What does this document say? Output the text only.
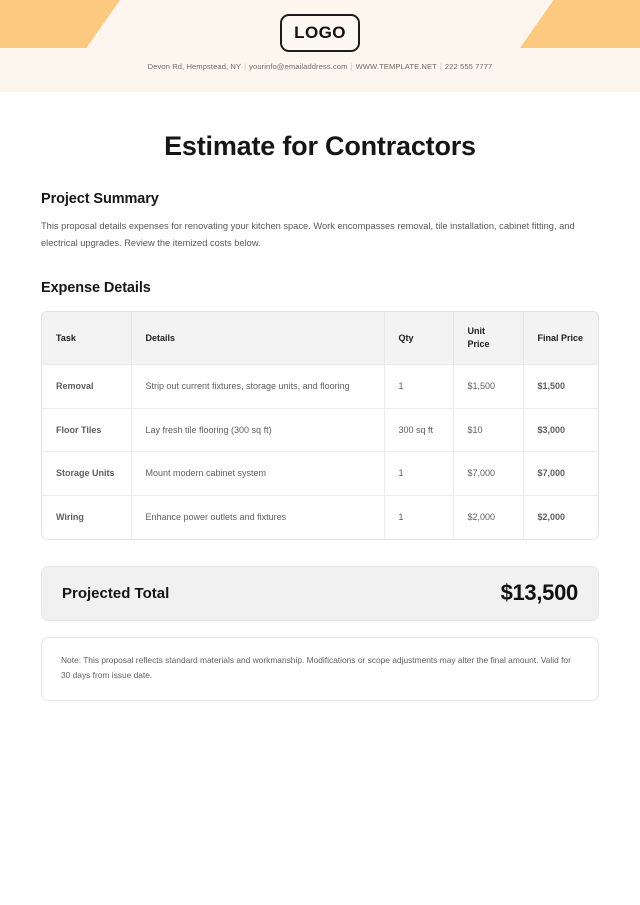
LOGO
Devon Rd, Hempstead, NY | yourinfo@emailaddress.com | WWW.TEMPLATE.NET | 222 555 7777
Estimate for Contractors
Project Summary

This proposal details expenses for renovating your kitchen space. Work encompasses removal, tile installation, cabinet fitting, and electrical upgrades. Review the itemized costs below.

Expense Details
Task	Details	Qty	Unit Price	Final Price
Removal	Strip out current fixtures, storage units, and flooring	1	$1,500	$1,500
Floor Tiles	Lay fresh tile flooring (300 sq ft)	300 sq ft	$10	$3,000
Storage Units	Mount modern cabinet system	1	$7,000	$7,000
Wiring	Enhance power outlets and fixtures	1	$2,000	$2,000
Projected Total	$13,500

Note: This proposal reflects standard materials and workmanship. Modifications or scope adjustments may alter the final amount. Valid for 30 days from issue date.
